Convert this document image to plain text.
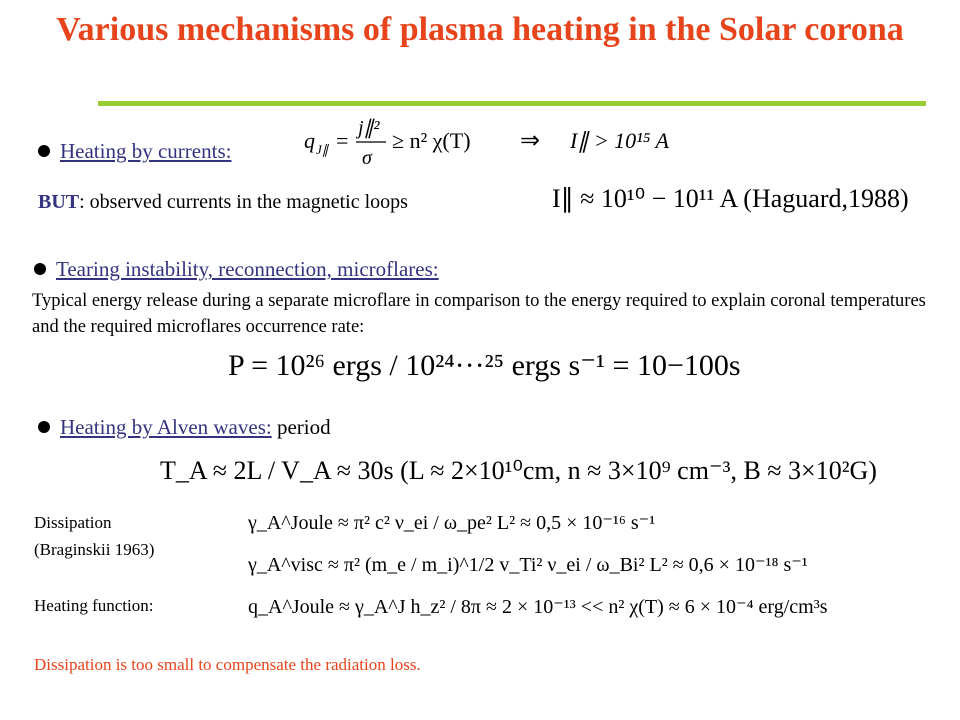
Various mechanisms of plasma heating in the Solar corona
Heating by currents:	q J∥ = j∥²
σ
≥ n² χ(T) ⇒ I∥ > 10¹⁵ A
BUT: observed currents in the magnetic loops	I∥ ≈ 10¹⁰ − 10¹¹ A (Haguard,1988)
Tearing instability, reconnection, microflares:
Typical energy release during a separate microflare in comparison to the energy required to explain coronal temperatures and the required microflares occurrence rate:
P = 10²⁶ ergs / 10²⁴···²⁵ ergs s⁻¹ = 10−100s
Heating by Alven waves: period
T_A ≈ 2L / V_A ≈ 30s (L ≈ 2×10¹⁰cm, n ≈ 3×10⁹ cm⁻³, B ≈ 3×10²G)
Dissipation
(Braginskii 1963)
γ_A^Joule ≈ π² c² ν_ei / ω_pe² L² ≈ 0,5 × 10⁻¹⁶ s⁻¹
γ_A^visc ≈ π² (m_e / m_i)^1/2 v_Ti² ν_ei / ω_Bi² L² ≈ 0,6 × 10⁻¹⁸ s⁻¹
Heating function:	q_A^Joule ≈ γ_A^J h_z² / 8π ≈ 2 × 10⁻¹³ << n² χ(T) ≈ 6 × 10⁻⁴ erg/cm³s
Dissipation is too small to compensate the radiation loss.
